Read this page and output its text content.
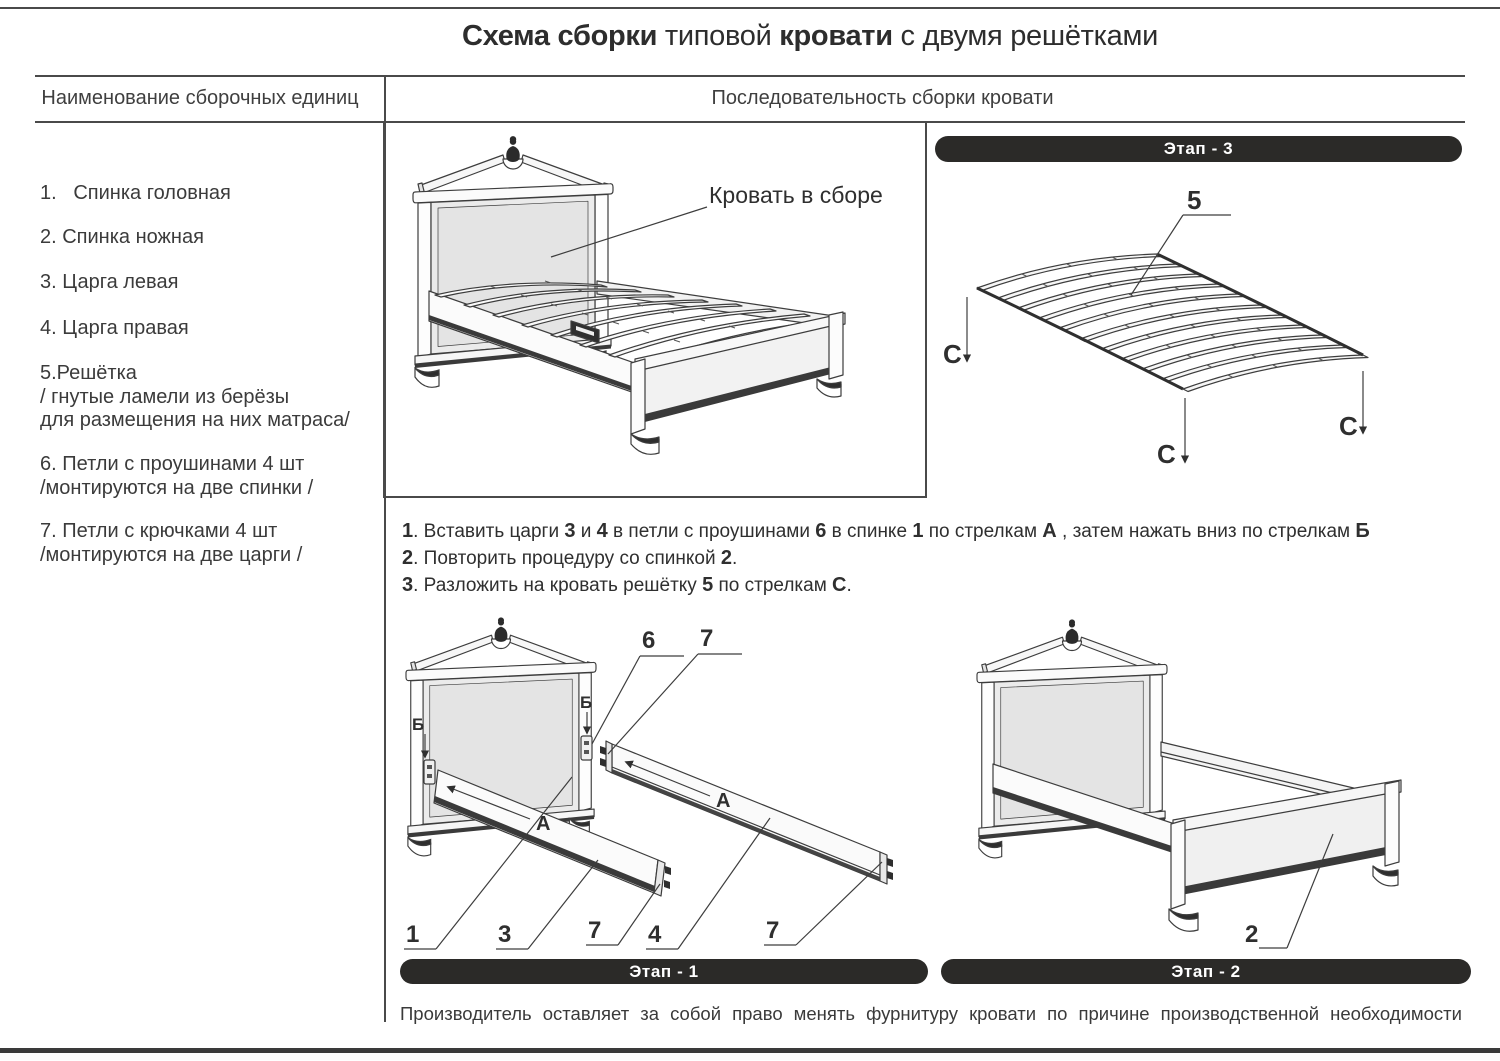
Схема сборки типовой кровати с двумя решётками
Наименование сборочных единиц	Последовательность сборки кровати
1.   Спинка головная
2. Спинка ножная
3. Царга левая
4. Царга правая
5.Решётка
/ гнутые ламели из берёзы
для размещения на них матраса/
6. Петли с проушинами 4 шт
/монтируются на две спинки /
7. Петли с крючками 4 шт
/монтируются на две царги /
Кровать в сборе
Этап - 3
5
С
С
С
1. Вставить царги 3 и 4 в петли с проушинами 6 в спинке 1 по стрелкам А , затем нажать вниз по стрелкам Б
2. Повторить процедуру со спинкой 2.
3. Разложить на кровать решётку 5 по стрелкам С.
Б
Б
А
А
6 7
1	3	7 4	7	2
Этап - 1	Этап - 2
Производитель оставляет за собой право менять фурнитуру кровати по причине производственной необходимости
